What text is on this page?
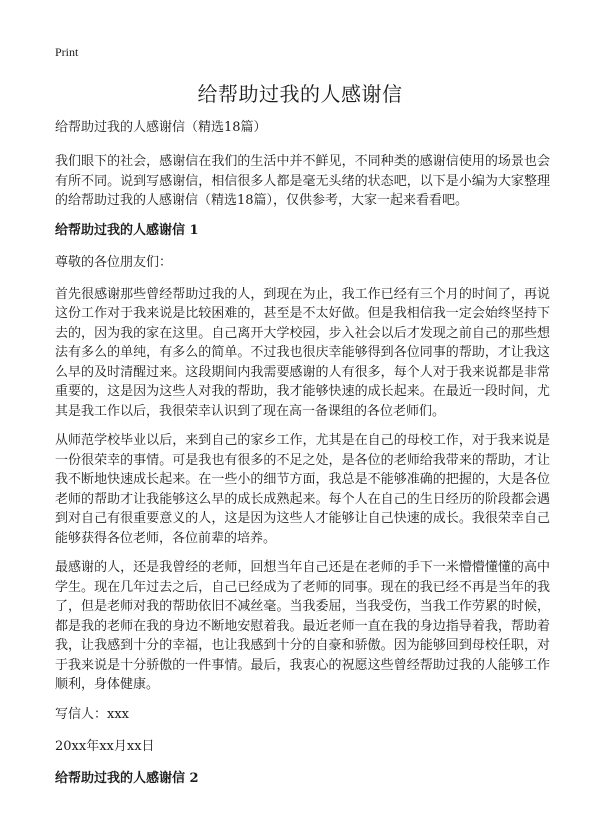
Print
给帮助过我的人感谢信

给帮助过我的人感谢信（精选18篇）

我们眼下的社会，感谢信在我们的生活中并不鲜见，不同种类的感谢信使用的场景也会有所不同。说到写感谢信，相信很多人都是毫无头绪的状态吧，以下是小编为大家整理的给帮助过我的人感谢信（精选18篇），仅供参考，大家一起来看看吧。

给帮助过我的人感谢信 1

尊敬的各位朋友们：

首先很感谢那些曾经帮助过我的人，到现在为止，我工作已经有三个月的时间了，再说这份工作对于我来说是比较困难的，甚至是不太好做。但是我相信我一定会始终坚持下去的，因为我的家在这里。自己离开大学校园，步入社会以后才发现之前自己的那些想法有多么的单纯，有多么的简单。不过我也很庆幸能够得到各位同事的帮助，才让我这么早的及时清醒过来。这段期间内我需要感谢的人有很多，每个人对于我来说都是非常重要的，这是因为这些人对我的帮助，我才能够快速的成长起来。在最近一段时间，尤其是我工作以后，我很荣幸认识到了现在高一备课组的各位老师们。

从师范学校毕业以后，来到自己的家乡工作，尤其是在自己的母校工作，对于我来说是一份很荣幸的事情。可是我也有很多的不足之处，是各位的老师给我带来的帮助，才让我不断地快速成长起来。在一些小的细节方面，我总是不能够准确的把握的，大是各位老师的帮助才让我能够这么早的成长成熟起来。每个人在自己的生日经历的阶段都会遇到对自己有很重要意义的人，这是因为这些人才能够让自己快速的成长。我很荣幸自己能够获得各位老师，各位前辈的培养。

最感谢的人，还是我曾经的老师，回想当年自己还是在老师的手下一米懵懵懂懂的高中学生。现在几年过去之后，自己已经成为了老师的同事。现在的我已经不再是当年的我了，但是老师对我的帮助依旧不减丝毫。当我委屈，当我受伤，当我工作劳累的时候，都是我的老师在我的身边不断地安慰着我。最近老师一直在我的身边指导着我，帮助着我，让我感到十分的幸福，也让我感到十分的自豪和骄傲。因为能够回到母校任职，对于我来说是十分骄傲的一件事情。最后，我衷心的祝愿这些曾经帮助过我的人能够工作顺利，身体健康。

写信人：xxx

20xx年xx月xx日

给帮助过我的人感谢信 2
